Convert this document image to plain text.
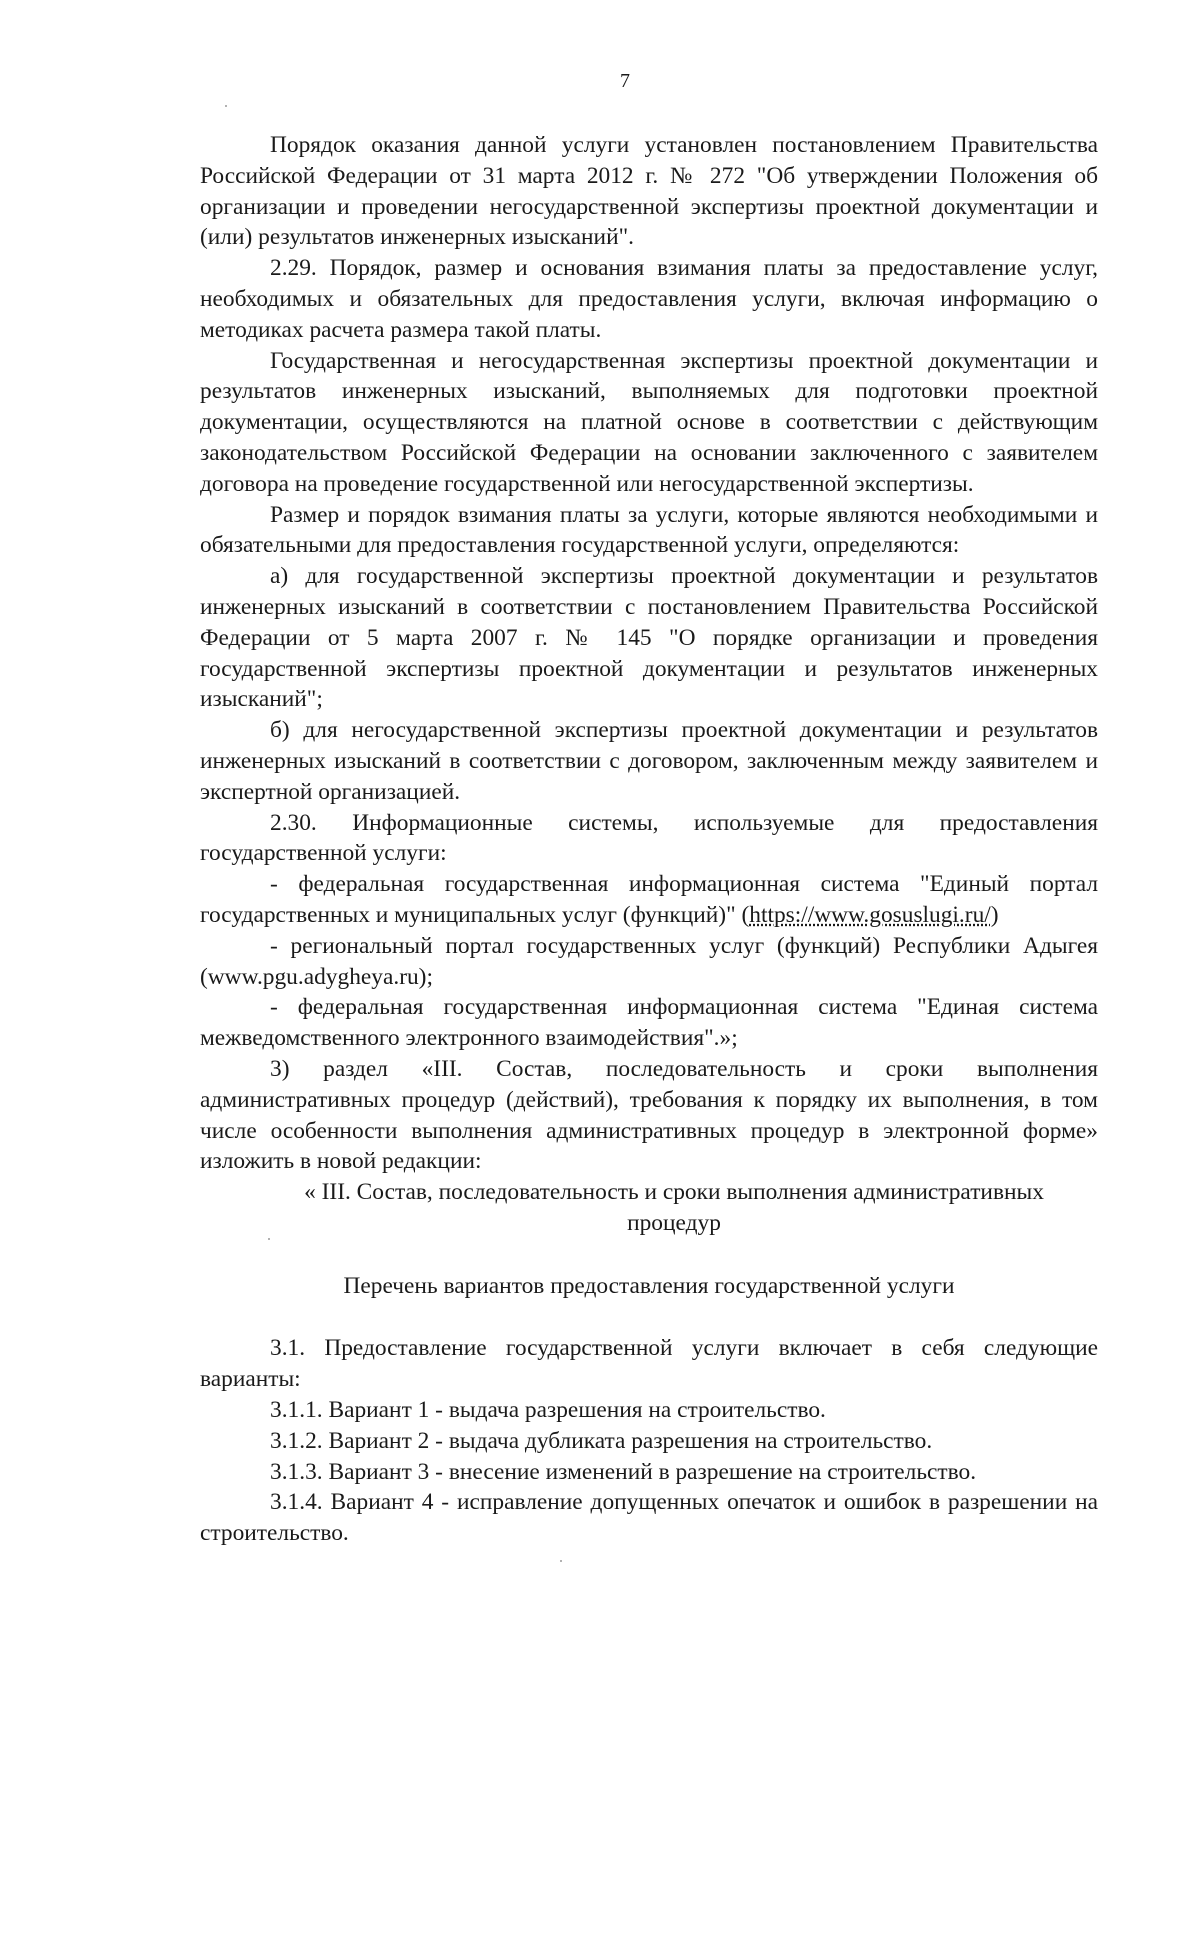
7

Порядок оказания данной услуги установлен постановлением Правительства Российской Федерации от 31 марта 2012 г. № 272 "Об утверждении Положения об организации и проведении негосударственной экспертизы проектной документации и (или) результатов инженерных изысканий".

2.29. Порядок, размер и основания взимания платы за предоставление услуг, необходимых и обязательных для предоставления услуги, включая информацию о методиках расчета размера такой платы.

Государственная и негосударственная экспертизы проектной документации и результатов инженерных изысканий, выполняемых для подготовки проектной документации, осуществляются на платной основе в соответствии с действующим законодательством Российской Федерации на основании заключенного с заявителем договора на проведение государственной или негосударственной экспертизы.

Размер и порядок взимания платы за услуги, которые являются необходимыми и обязательными для предоставления государственной услуги, определяются:

а) для государственной экспертизы проектной документации и результатов инженерных изысканий в соответствии с постановлением Правительства Российской Федерации от 5 марта 2007 г. № 145 "О порядке организации и проведения государственной экспертизы проектной документации и результатов инженерных изысканий";

б) для негосударственной экспертизы проектной документации и результатов инженерных изысканий в соответствии с договором, заключенным между заявителем и экспертной организацией.

2.30. Информационные системы, используемые для предоставления государственной услуги:

- федеральная государственная информационная система "Единый портал государственных и муниципальных услуг (функций)" (https://www.gosuslugi.ru/)

- региональный портал государственных услуг (функций) Республики Адыгея (www.pgu.adygheya.ru);

- федеральная государственная информационная система "Единая система межведомственного электронного взаимодействия".»;

3) раздел «III. Состав, последовательность и сроки выполнения административных процедур (действий), требования к порядку их выполнения, в том числе особенности выполнения административных процедур в электронной форме» изложить в новой редакции:

« III. Состав, последовательность и сроки выполнения административных процедур

Перечень вариантов предоставления государственной услуги

3.1. Предоставление государственной услуги включает в себя следующие варианты:

3.1.1. Вариант 1 - выдача разрешения на строительство.

3.1.2. Вариант 2 - выдача дубликата разрешения на строительство.

3.1.3. Вариант 3 - внесение изменений в разрешение на строительство.

3.1.4. Вариант 4 - исправление допущенных опечаток и ошибок в разрешении на строительство.
